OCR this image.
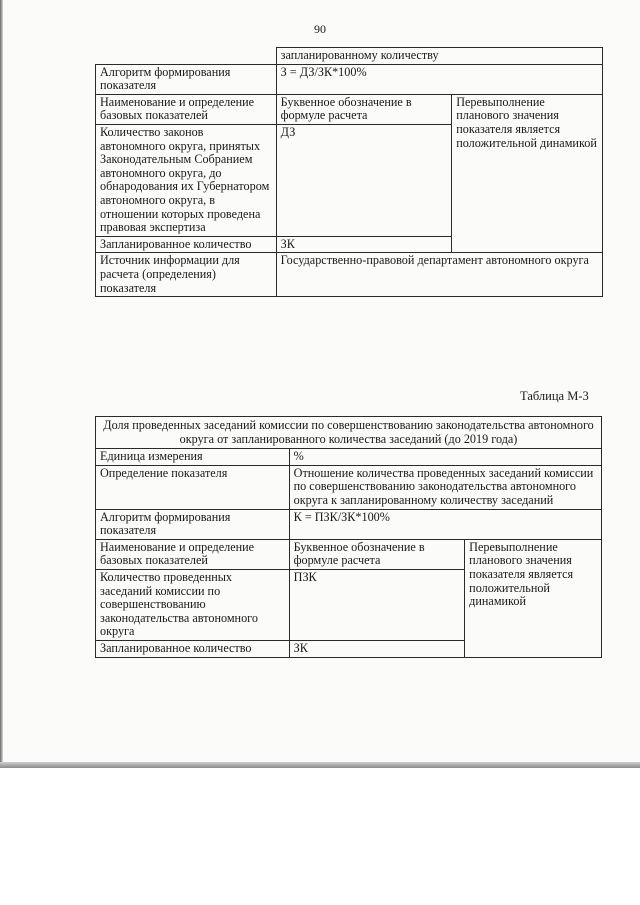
90
	запланированному количеству	
Алгоритм формирования показателя	З = ДЗ/ЗК*100%	
Наименование и определение базовых показателей	Буквенное обозначение в формуле расчета	Перевыполнение планового значения показателя является положительной динамикой
Количество законов автономного округа, принятых Законодательным Собранием автономного округа, до обнародования их Губернатором автономного округа, в отношении которых проведена правовая экспертиза	ДЗ	
Запланированное количество	ЗК	
Источник информации для расчета (определения) показателя	Государственно-правовой департамент автономного округа	
Таблица М-3
Доля проведенных заседаний комиссии по совершенствованию законодательства автономного округа от запланированного количества заседаний (до 2019 года)		
Единица измерения	%	
Определение показателя	Отношение количества проведенных заседаний комиссии по совершенствованию законодательства автономного округа к запланированному количеству заседаний	
Алгоритм формирования показателя	К = ПЗК/ЗК*100%	
Наименование и определение базовых показателей	Буквенное обозначение в формуле расчета	Перевыполнение планового значения показателя является положительной динамикой
Количество проведенных заседаний комиссии по совершенствованию законодательства автономного округа	ПЗК	
Запланированное количество	ЗК	
